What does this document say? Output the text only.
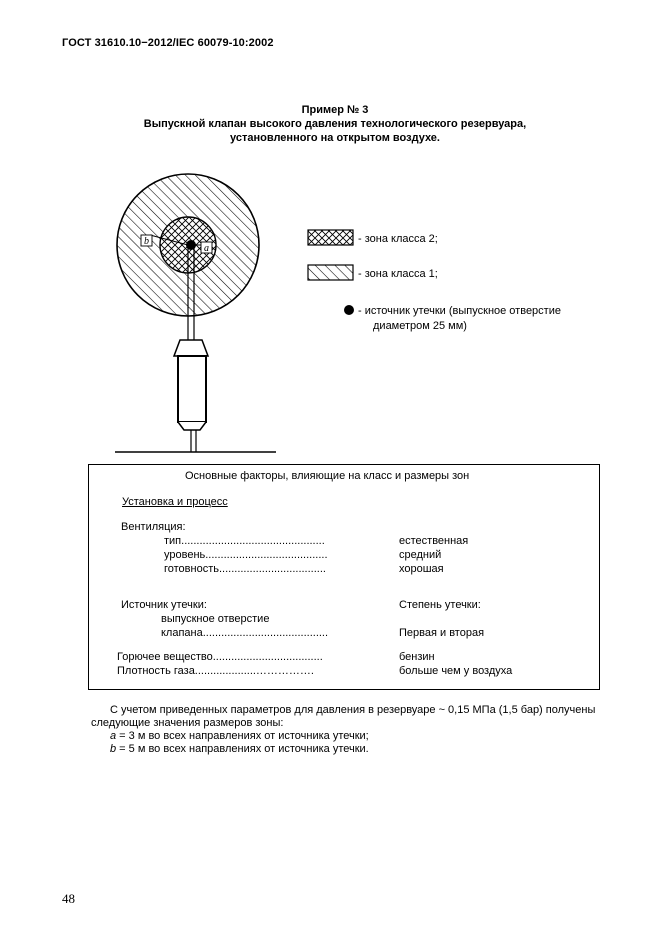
ГОСТ 31610.10−2012/IEC 60079-10:2002
Пример № 3
Выпускной клапан высокого давления технологического резервуара,
установленного на открытом воздухе.
a
b	- зона класса 2;
- зона класса 1;
- источник утечки (выпускное отверстие
диаметром 25 мм)
Основные факторы, влияющие на класс и размеры зон
Установка и процесс
Вентиляция:
тип...............................................	естественная
уровень........................................	средний
готовность...................................	хорошая
Источник утечки:	Степень утечки:
выпускное отверстие
клапана.........................................	Первая и вторая
Горючее вещество....................................	бензин
Плотность газа....................…………….	больше чем у воздуха
С учетом приведенных параметров для давления в резервуаре ~ 0,15 МПа (1,5 бар) получены
следующие значения размеров зоны:
a = 3 м во всех направлениях от источника утечки;
b = 5 м во всех направлениях от источника утечки.
48
